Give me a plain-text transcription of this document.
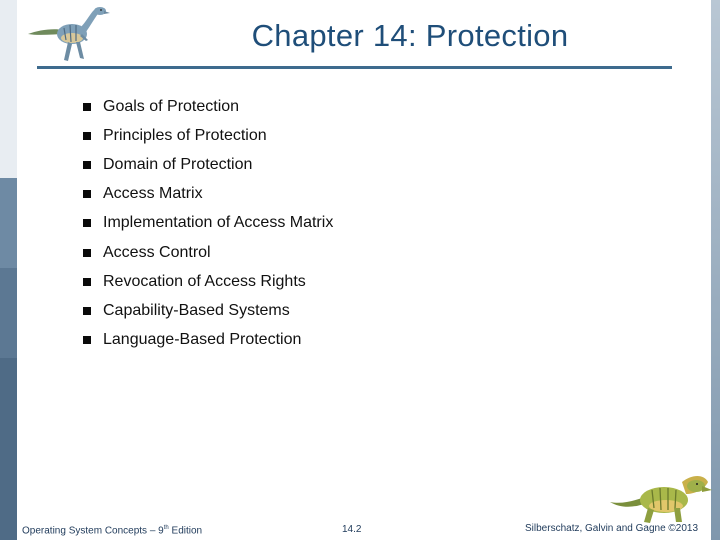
Chapter 14: Protection
Goals of Protection
Principles of Protection
Domain of Protection
Access Matrix
Implementation of Access Matrix
Access Control
Revocation of Access Rights
Capability-Based Systems
Language-Based Protection
Operating System Concepts – 9th Edition	14.2	Silberschatz, Galvin and Gagne ©2013
